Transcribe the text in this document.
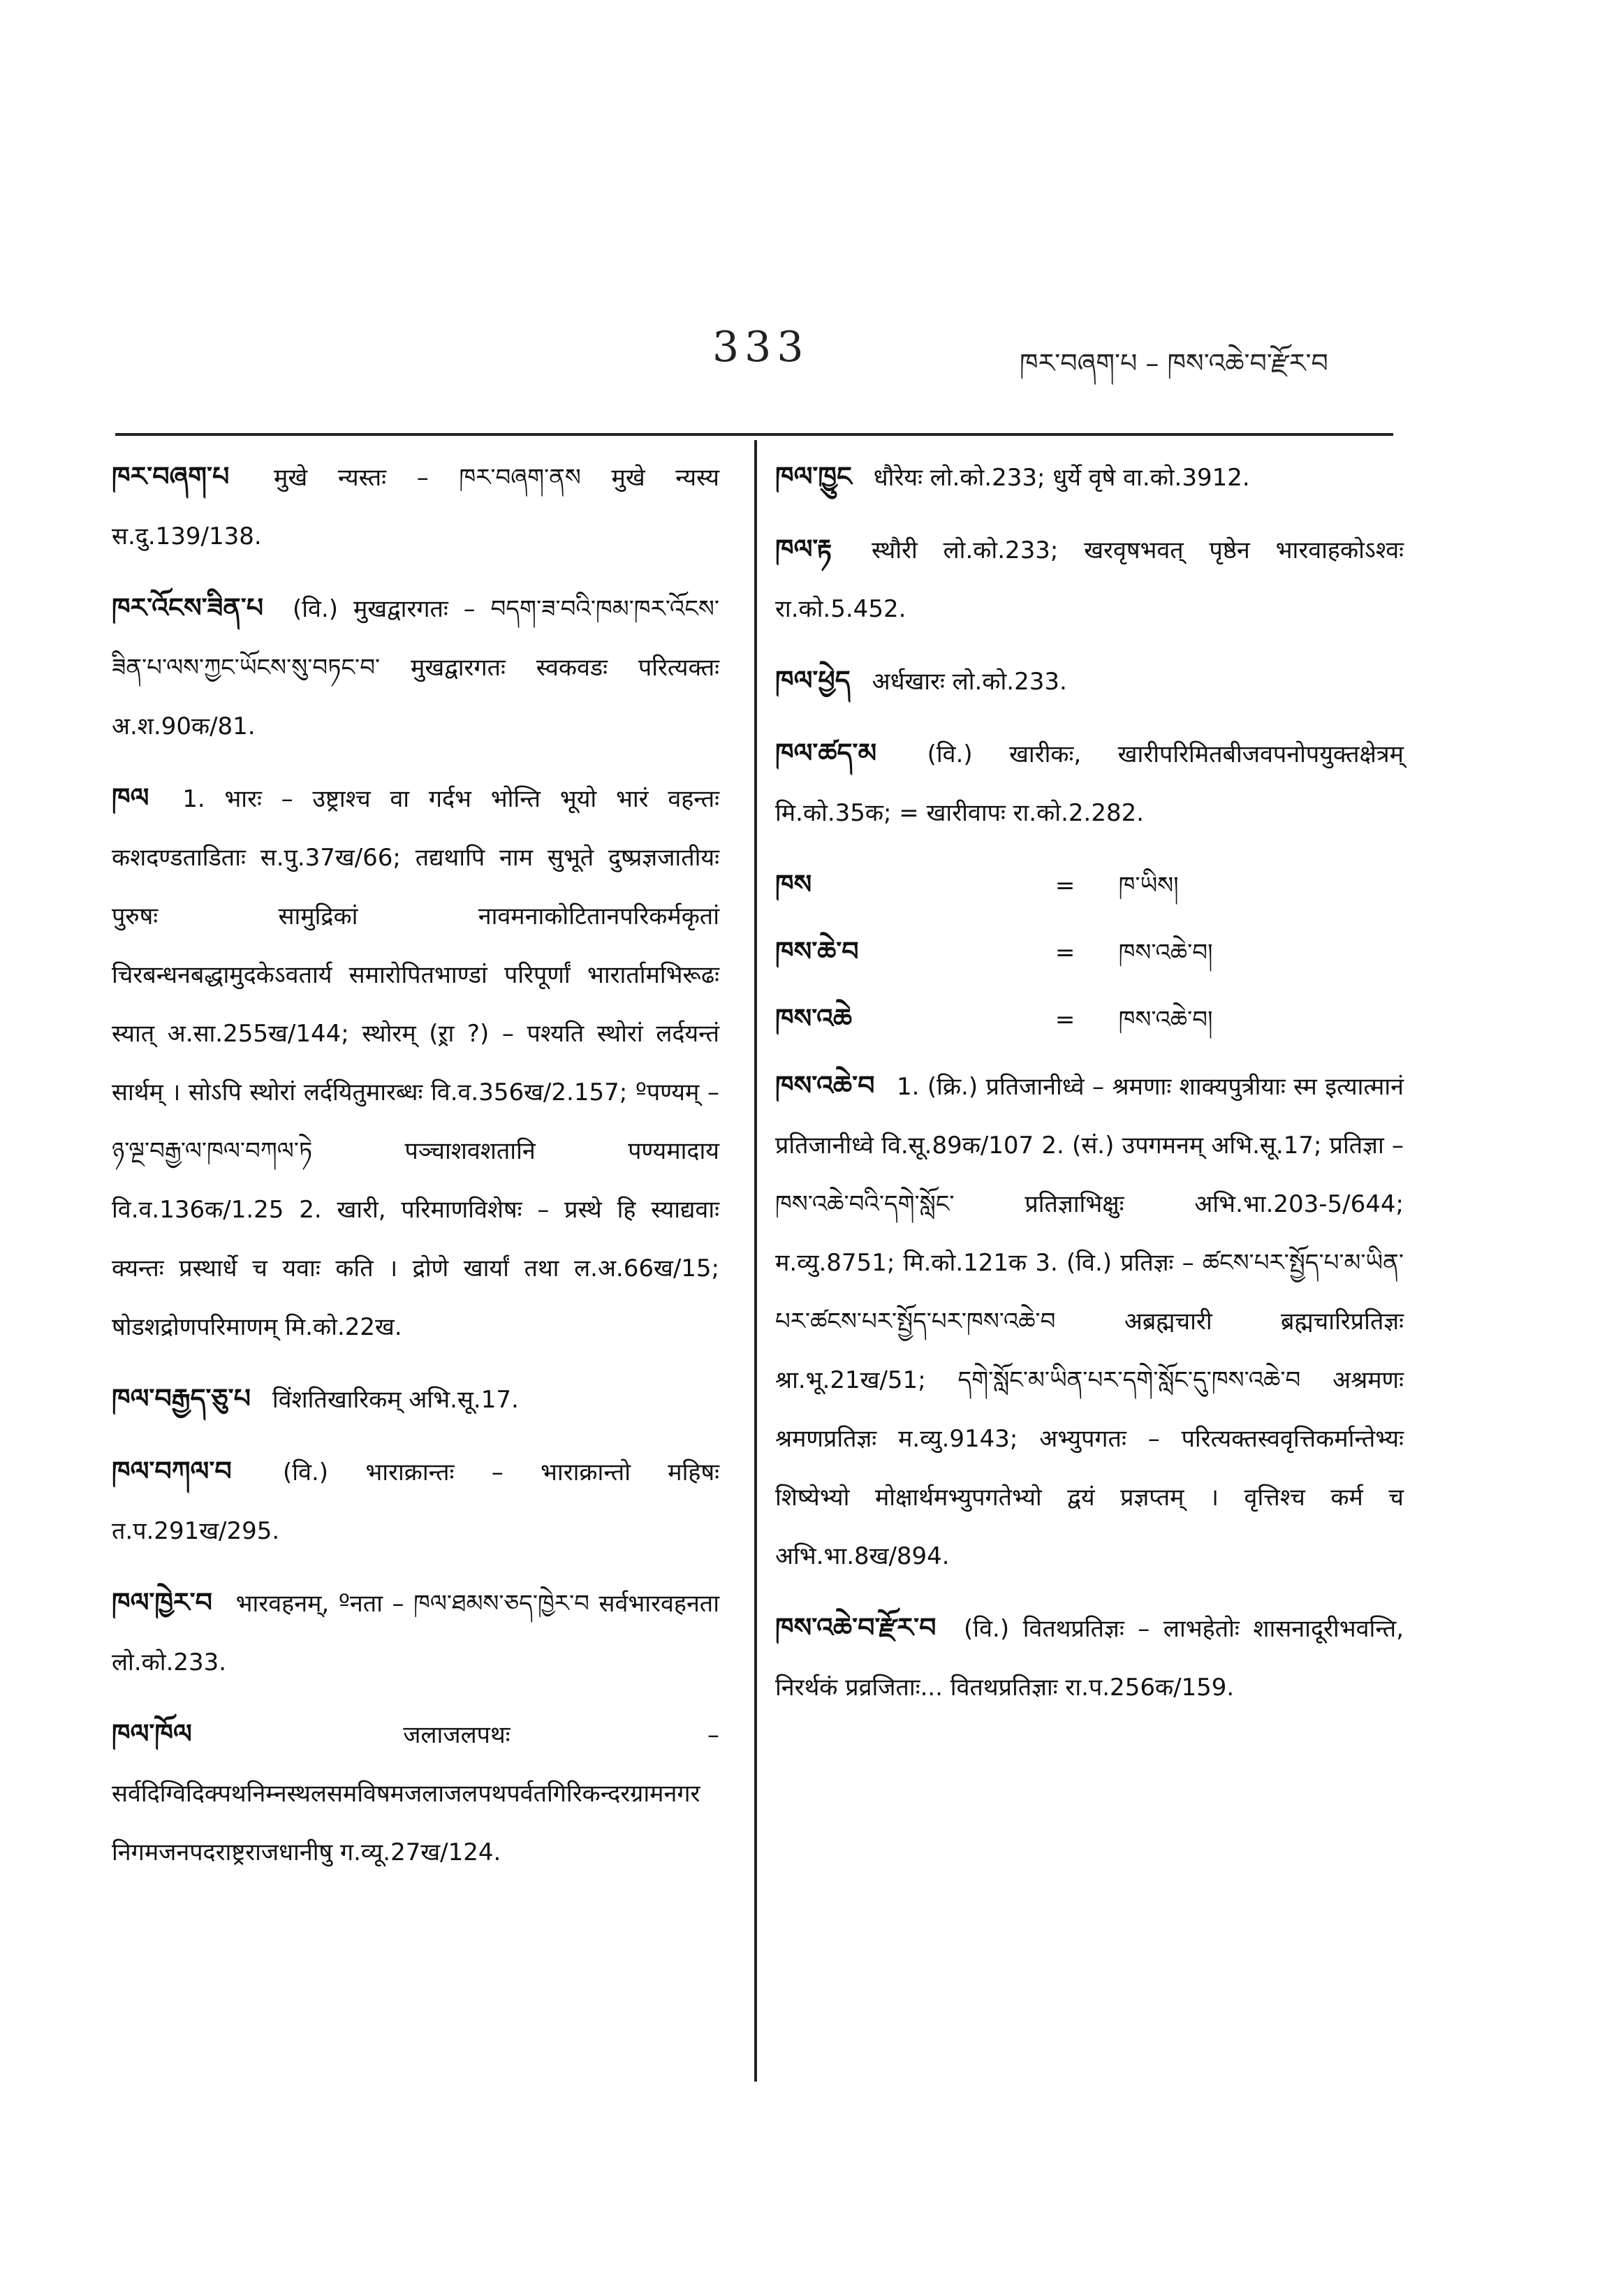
333	ཁར་བཞག་པ – ཁས་འཆེ་བ་རྫོར་བ
ཁར་བཞག་པ मुखे न्यस्तः – ཁར་བཞག་ནས मुखे न्यस्य स.दु.139/138.
ཁར་འོངས་ཟིན་པ (वि.) मुखद्वारगतः – བདག་ཟ་བའི་ཁམ་ཁར་འོངས་ཟིན་པ་ལས་ཀྱང་ཡོངས་སུ་བཏང་བ་ मुखद्वारगतः स्वकवडः परित्यक्तः अ.श.90क/81.
ཁལ 1. भारः – उष्ट्राश्च वा गर्दभ भोन्ति भूयो भारं वहन्तः कशदण्डताडिताः स.पु.37ख/66; तद्यथापि नाम सुभूते दुष्प्रज्ञजातीयः पुरुषः सामुद्रिकां नावमनाकोटितानपरिकर्मकृतां चिरबन्धनबद्धामुदकेऽवतार्य समारोपितभाण्डां परिपूर्णां भारार्तामभिरूढः स्यात् अ.सा.255ख/144; स्थोरम् (ऱ्रा ?) – पश्यति स्थोरां लर्दयन्तं सार्थम् । सोऽपि स्थोरां लर्दयितुमारब्धः वि.व.356ख/2.157; ºपण्यम् – ཉ་ལྔ་བརྒྱ་ལ་ཁལ་བཀལ་ཏེ पञ्चाशवशतानि पण्यमादाय वि.व.136क/1.25 2. खारी, परिमाणविशेषः – प्रस्थे हि स्याद्यवाः क्यन्तः प्रस्थार्धे च यवाः कति । द्रोणे खार्यां तथा ल.अ.66ख/15; षोडशद्रोणपरिमाणम् मि.को.22ख.
ཁལ་བརྒྱད་ཅུ་པ विंशतिखारिकम् अभि.सू.17.
ཁལ་བཀལ་བ (वि.) भाराक्रान्तः – भाराक्रान्तो महिषः त.प.291ख/295.
ཁལ་ཁྱེར་བ भारवहनम्, ºनता – ཁལ་ཐམས་ཅད་ཁྱེར་བ सर्वभारवहनता लो.को.233.
ཁལ་ཁོལ	जलाजलपथः – सर्वदिग्विदिक्पथनिम्नस्थलसमविषमजलाजलपथपर्वतगिरिकन्दरग्रामनगरनिगमजनपदराष्ट्रराजधानीषु ग.व्यू.27ख/124.
ཁལ་ཁྱུང धौरेयः लो.को.233; धुर्ये वृषे वा.को.3912.
ཁལ་རྟ स्थौरी लो.को.233; खरवृषभवत् पृष्ठेन भारवाहकोऽश्वः रा.को.5.452.
ཁལ་ཕྱེད अर्धखारः लो.को.233.
ཁལ་ཚད་མ (वि.) खारीकः, खारीपरिमितबीजवपनोपयुक्तक्षेत्रम् मि.को.35क; = खारीवापः रा.को.2.282.
ཁས	= ཁ་ཡིས།
ཁས་ཆེ་བ	= ཁས་འཆེ་བ།
ཁས་འཆེ	= ཁས་འཆེ་བ།
ཁས་འཆེ་བ 1. (क्रि.) प्रतिजानीध्वे – श्रमणाः शाक्यपुत्रीयाः स्म इत्यात्मानं प्रतिजानीध्वे वि.सू.89क/107 2. (सं.) उपगमनम् अभि.सू.17; प्रतिज्ञा – ཁས་འཆེ་བའི་དགེ་སློང་ प्रतिज्ञाभिक्षुः अभि.भा.203-5/644; म.व्यु.8751; मि.को.121क 3. (वि.) प्रतिज्ञः – ཚངས་པར་སྤྱོད་པ་མ་ཡིན་པར་ཚངས་པར་སྤྱོད་པར་ཁས་འཆེ་བ अब्रह्मचारी ब्रह्मचारिप्रतिज्ञः श्रा.भू.21ख/51; དགེ་སློང་མ་ཡིན་པར་དགེ་སློང་དུ་ཁས་འཆེ་བ अश्रमणः श्रमणप्रतिज्ञः म.व्यु.9143; अभ्युपगतः – परित्यक्तस्ववृत्तिकर्मान्तेभ्यः शिष्येभ्यो मोक्षार्थमभ्युपगतेभ्यो द्वयं प्रज्ञप्तम् । वृत्तिश्च कर्म च अभि.भा.8ख/894.
ཁས་འཆེ་བ་རྫོར་བ (वि.) वितथप्रतिज्ञः – लाभहेतोः शासनादूरीभवन्ति, निरर्थकं प्रव्रजिताः... वितथप्रतिज्ञाः रा.प.256क/159.
